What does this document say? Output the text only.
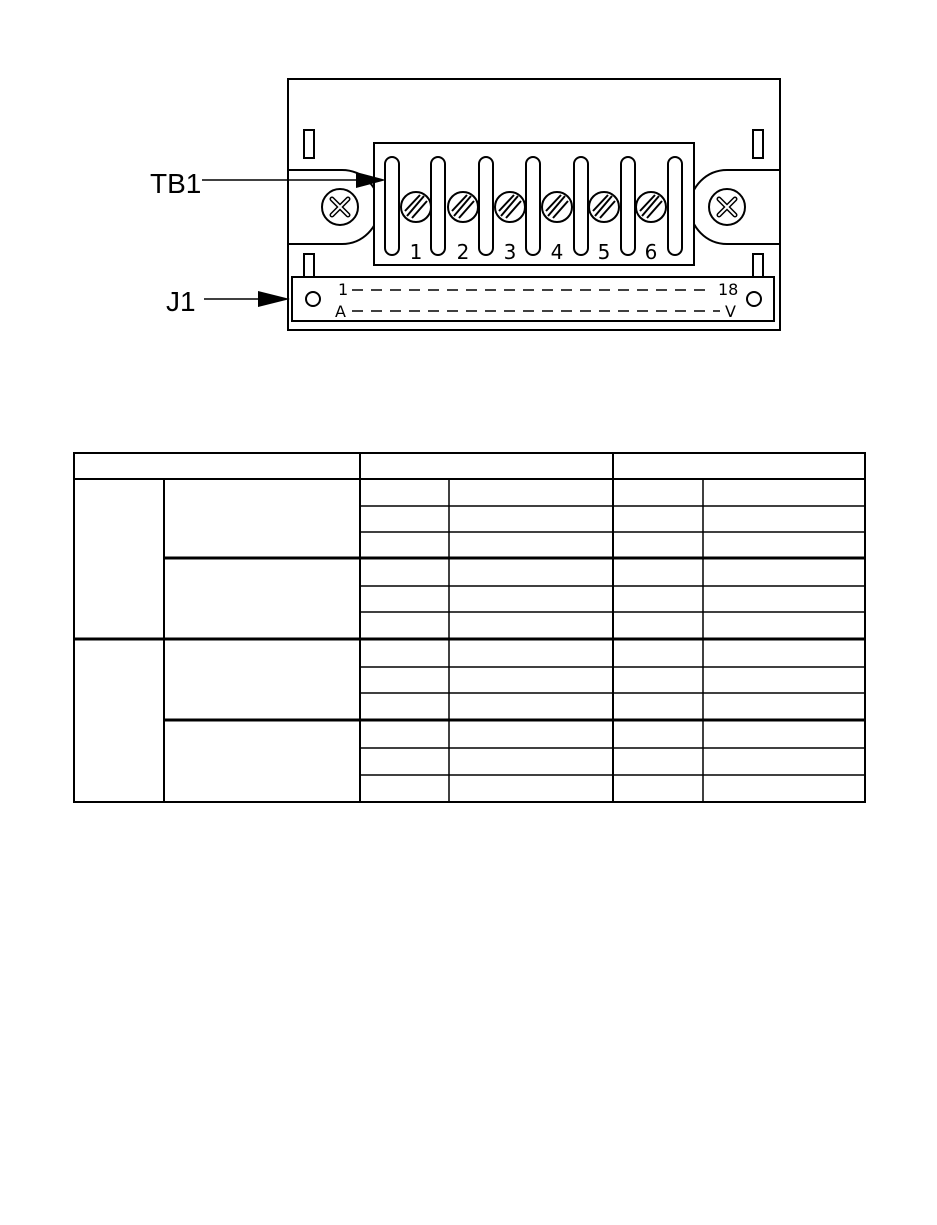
1 2 3 4 5 6
1	18
A	V
TB1
J1
